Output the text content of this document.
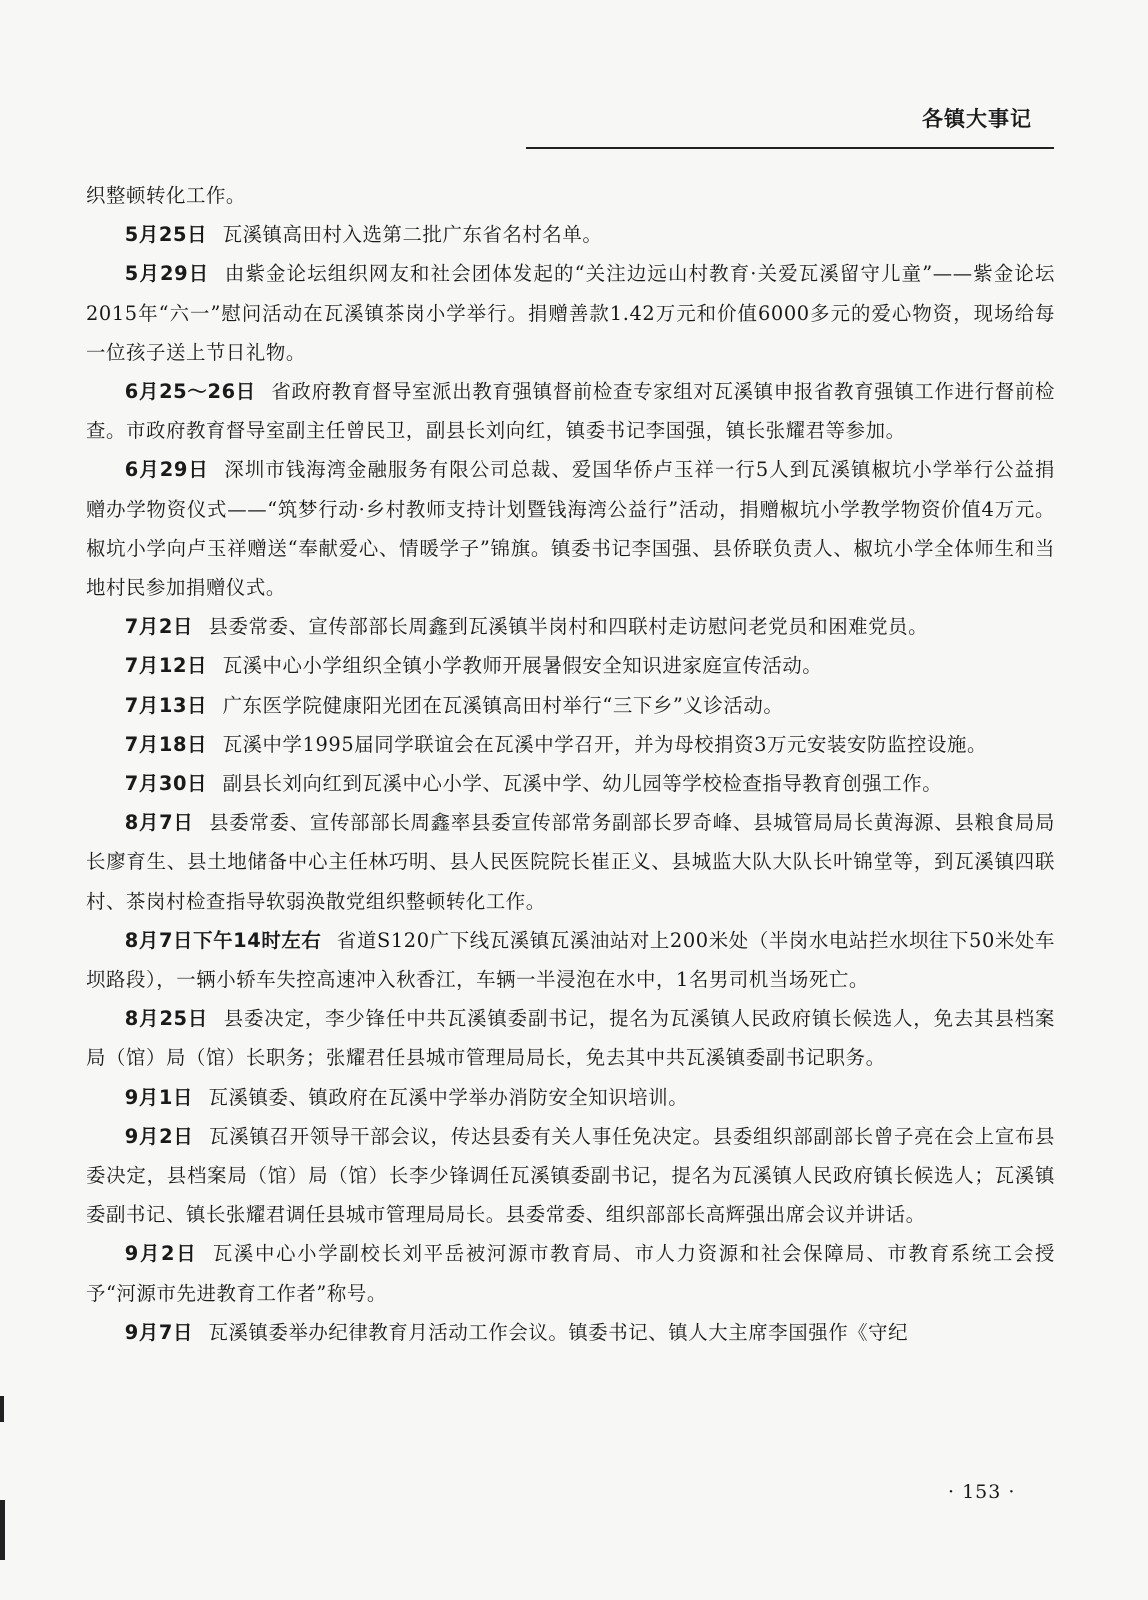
各镇大事记

织整顿转化工作。

5月25日 瓦溪镇高田村入选第二批广东省名村名单。

5月29日 由紫金论坛组织网友和社会团体发起的“关注边远山村教育·关爱瓦溪留守儿童”——紫金论坛2015年“六一”慰问活动在瓦溪镇茶岗小学举行。捐赠善款1.42万元和价值6000多元的爱心物资，现场给每一位孩子送上节日礼物。

6月25～26日 省政府教育督导室派出教育强镇督前检查专家组对瓦溪镇申报省教育强镇工作进行督前检查。市政府教育督导室副主任曾民卫，副县长刘向红，镇委书记李国强，镇长张耀君等参加。

6月29日 深圳市钱海湾金融服务有限公司总裁、爱国华侨卢玉祥一行5人到瓦溪镇椒坑小学举行公益捐赠办学物资仪式——“筑梦行动·乡村教师支持计划暨钱海湾公益行”活动，捐赠椒坑小学教学物资价值4万元。椒坑小学向卢玉祥赠送“奉献爱心、情暖学子”锦旗。镇委书记李国强、县侨联负责人、椒坑小学全体师生和当地村民参加捐赠仪式。

7月2日 县委常委、宣传部部长周鑫到瓦溪镇半岗村和四联村走访慰问老党员和困难党员。

7月12日 瓦溪中心小学组织全镇小学教师开展暑假安全知识进家庭宣传活动。

7月13日 广东医学院健康阳光团在瓦溪镇高田村举行“三下乡”义诊活动。

7月18日 瓦溪中学1995届同学联谊会在瓦溪中学召开，并为母校捐资3万元安装安防监控设施。

7月30日 副县长刘向红到瓦溪中心小学、瓦溪中学、幼儿园等学校检查指导教育创强工作。

8月7日 县委常委、宣传部部长周鑫率县委宣传部常务副部长罗奇峰、县城管局局长黄海源、县粮食局局长廖育生、县土地储备中心主任林巧明、县人民医院院长崔正义、县城监大队大队长叶锦堂等，到瓦溪镇四联村、茶岗村检查指导软弱涣散党组织整顿转化工作。

8月7日下午14时左右 省道S120广下线瓦溪镇瓦溪油站对上200米处（半岗水电站拦水坝往下50米处车坝路段），一辆小轿车失控高速冲入秋香江，车辆一半浸泡在水中，1名男司机当场死亡。

8月25日 县委决定，李少锋任中共瓦溪镇委副书记，提名为瓦溪镇人民政府镇长候选人，免去其县档案局（馆）局（馆）长职务；张耀君任县城市管理局局长，免去其中共瓦溪镇委副书记职务。

9月1日 瓦溪镇委、镇政府在瓦溪中学举办消防安全知识培训。

9月2日 瓦溪镇召开领导干部会议，传达县委有关人事任免决定。县委组织部副部长曾子亮在会上宣布县委决定，县档案局（馆）局（馆）长李少锋调任瓦溪镇委副书记，提名为瓦溪镇人民政府镇长候选人；瓦溪镇委副书记、镇长张耀君调任县城市管理局局长。县委常委、组织部部长高辉强出席会议并讲话。

9月2日 瓦溪中心小学副校长刘平岳被河源市教育局、市人力资源和社会保障局、市教育系统工会授予“河源市先进教育工作者”称号。

9月7日 瓦溪镇委举办纪律教育月活动工作会议。镇委书记、镇人大主席李国强作《守纪

· 153 ·
